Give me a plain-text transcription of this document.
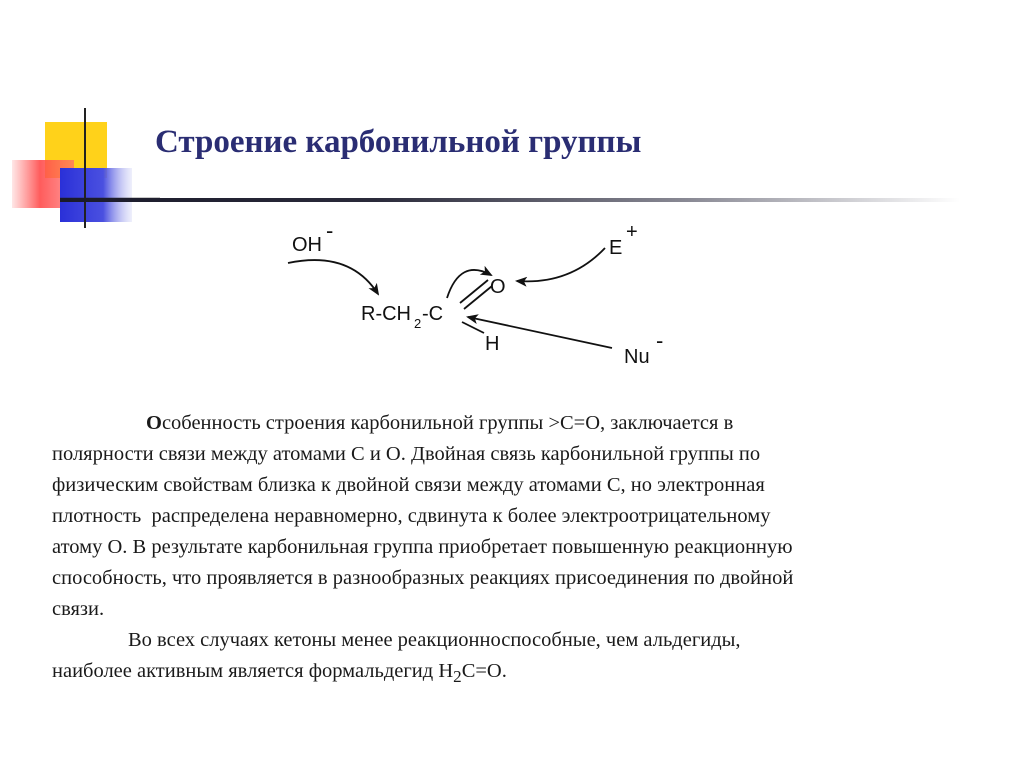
Строение карбонильной группы
OH
-
E
+
O
R-CH 2 -C
H
Nu
-

Особенность строения карбонильной группы >C=O, заключается в
полярности связи между атомами C и O. Двойная связь карбонильной группы по
физическим свойствам близка к двойной связи между атомами C, но электронная
плотность  распределена неравномерно, сдвинута к более электроотрицательному
атому O. В результате карбонильная группа приобретает повышенную реакционную
способность, что проявляется в разнообразных реакциях присоединения по двойной
связи.

Во всех случаях кетоны менее реакционноспособные, чем альдегиды,
наиболее активным является формальдегид $H_2C=O$.
